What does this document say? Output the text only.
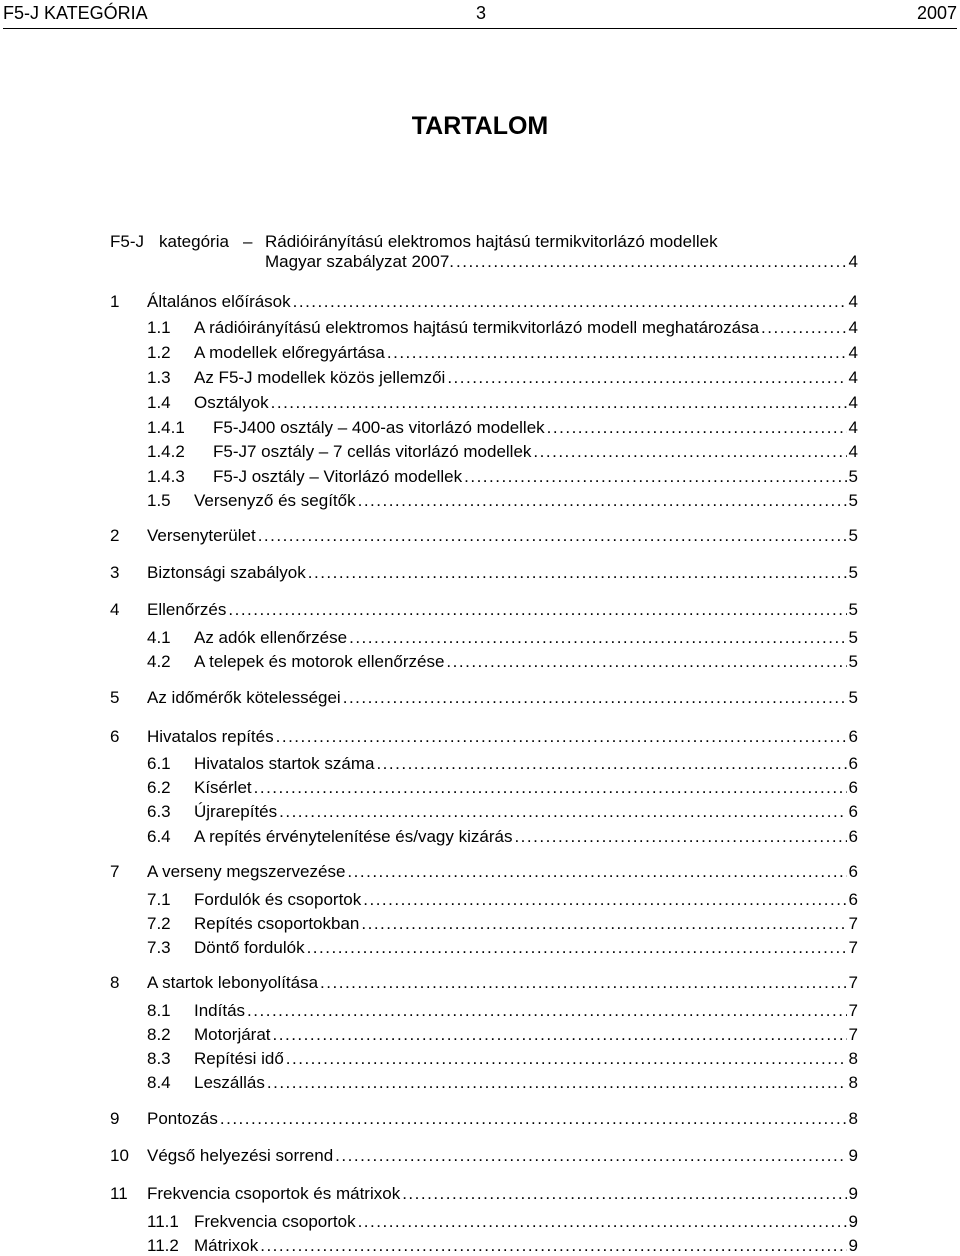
F5-J KATEGÓRIA	3	2007
TARTALOM
F5-J kategória – Rádióirányítású elektromos hajtású termikvitorlázó modellek
Magyar szabályzat 2007. .....	4
1 Általános előírások .....	4
1.1 A rádióirányítású elektromos hajtású termikvitorlázó modell meghatározása .....	4
1.2 A modellek előregyártása .....	4
1.3 Az F5-J modellek közös jellemzői .....	4
1.4 Osztályok .....	4
1.4.1 F5-J400 osztály – 400-as vitorlázó modellek .....	4
1.4.2 F5-J7 osztály – 7 cellás vitorlázó modellek .....	4
1.4.3 F5-J osztály – Vitorlázó modellek .....	5
1.5 Versenyző és segítők .....	5
2 Versenyterület .....	5
3 Biztonsági szabályok .....	5
4 Ellenőrzés .....	5
4.1 Az adók ellenőrzése .....	5
4.2 A telepek és motorok ellenőrzése .....	5
5 Az időmérők kötelességei .....	5
6 Hivatalos repítés .....	6
6.1 Hivatalos startok száma .....	6
6.2 Kísérlet .....	6
6.3 Újrarepítés .....	6
6.4 A repítés érvénytelenítése és/vagy kizárás .....	6
7 A verseny megszervezése .....	6
7.1 Fordulók és csoportok .....	6
7.2 Repítés csoportokban .....	7
7.3 Döntő fordulók .....	7
8 A startok lebonyolítása .....	7
8.1 Indítás .....	7
8.2 Motorjárat .....	7
8.3 Repítési idő .....	8
8.4 Leszállás .....	8
9 Pontozás .....	8
10 Végső helyezési sorrend .....	9
11 Frekvencia csoportok és mátrixok .....	9
11.1 Frekvencia csoportok .....	9
11.2 Mátrixok .....	9
